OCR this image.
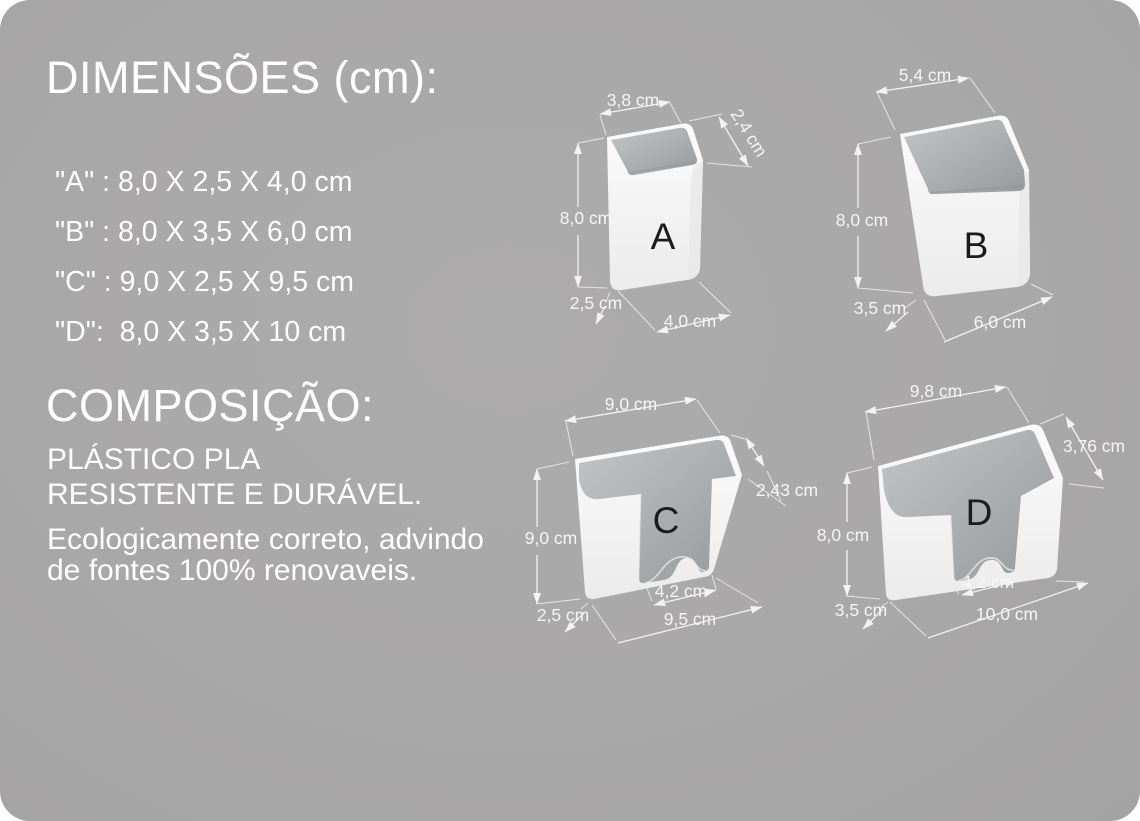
DIMENSÕES (cm):
"A" : 8,0 X 2,5 X 4,0 cm
"B" : 8,0 X 3,5 X 6,0 cm
"C" : 9,0 X 2,5 X 9,5 cm
"D":  8,0 X 3,5 X 10 cm
COMPOSIÇÃO:
PLÁSTICO PLA
RESISTENTE E DURÁVEL.
Ecologicamente correto, advindo
de fontes 100% renovaveis.
A
3,8 cm
2,4 cm
8,0 cm
2,5 cm
4,0 cm
B
5,4 cm
8,0 cm
3,5 cm
6,0 cm
C
9,0 cm
2,43 cm
9,0 cm
4,2 cm
2,5 cm	9,5 cm
D
9,8 cm
3,76 cm
8,0 cm
4,2 cm
3,5 cm	10,0 cm
